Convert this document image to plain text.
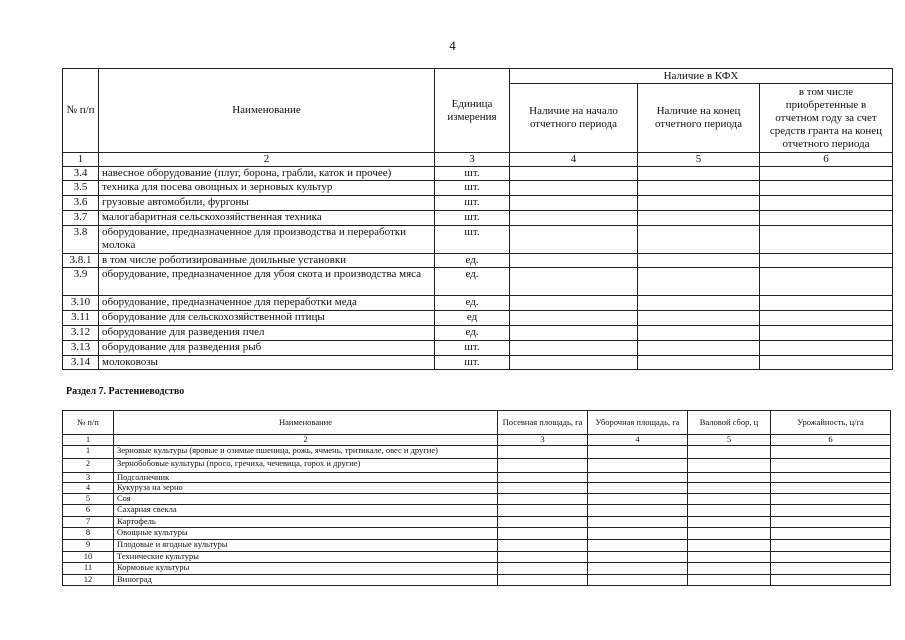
4
№ п/п	Наименование	Единица измерения	Наличие в КФХ		
			Наличие на начало отчетного периода	Наличие на конец отчетного периода	в том числе приобретенные в отчетном году за счет средств гранта на конец отчетного периода
1	2	3	4	5	6
3.4	навесное оборудование (плуг, борона, грабли, каток и прочее)	шт.			
3.5	техника для посева овощных и зерновых культур	шт.			
3.6	грузовые автомобили, фургоны	шт.			
3.7	малогабаритная сельскохозяйственная техника	шт.			
3.8	оборудование, предназначенное для производства и переработки молока	шт.			
3.8.1	в том числе роботизированные доильные установки	ед.			
3.9	оборудование, предназначенное для убоя скота и производства мяса	ед.			
3.10	оборудование, предназначенное для переработки меда	ед.			
3.11	оборудование для сельскохозяйственной птицы	ед			
3.12	оборудование для разведения пчел	ед.			
3.13	оборудование для разведения рыб	шт.			
3.14	молоковозы	шт.			
Раздел 7. Растениеводство
№ п/п	Наименование	Посевная площадь, га	Уборочная площадь, га	Валовой сбор, ц	Урожайность, ц/га
1	2	3	4	5	6
1	Зерновые культуры (яровые и озимые пшеница, рожь, ячмень, тритикале, овес и другие)				
2	Зернобобовые культуры (просо, гречиха, чечевица, горох и другие)				
3	Подсолнечник				
4	Кукуруза на зерно				
5	Соя				
6	Сахарная свекла				
7	Картофель				
8	Овощные культуры				
9	Плодовые и ягодные культуры				
10	Технические культуры				
11	Кормовые культуры				
12	Виноград				
